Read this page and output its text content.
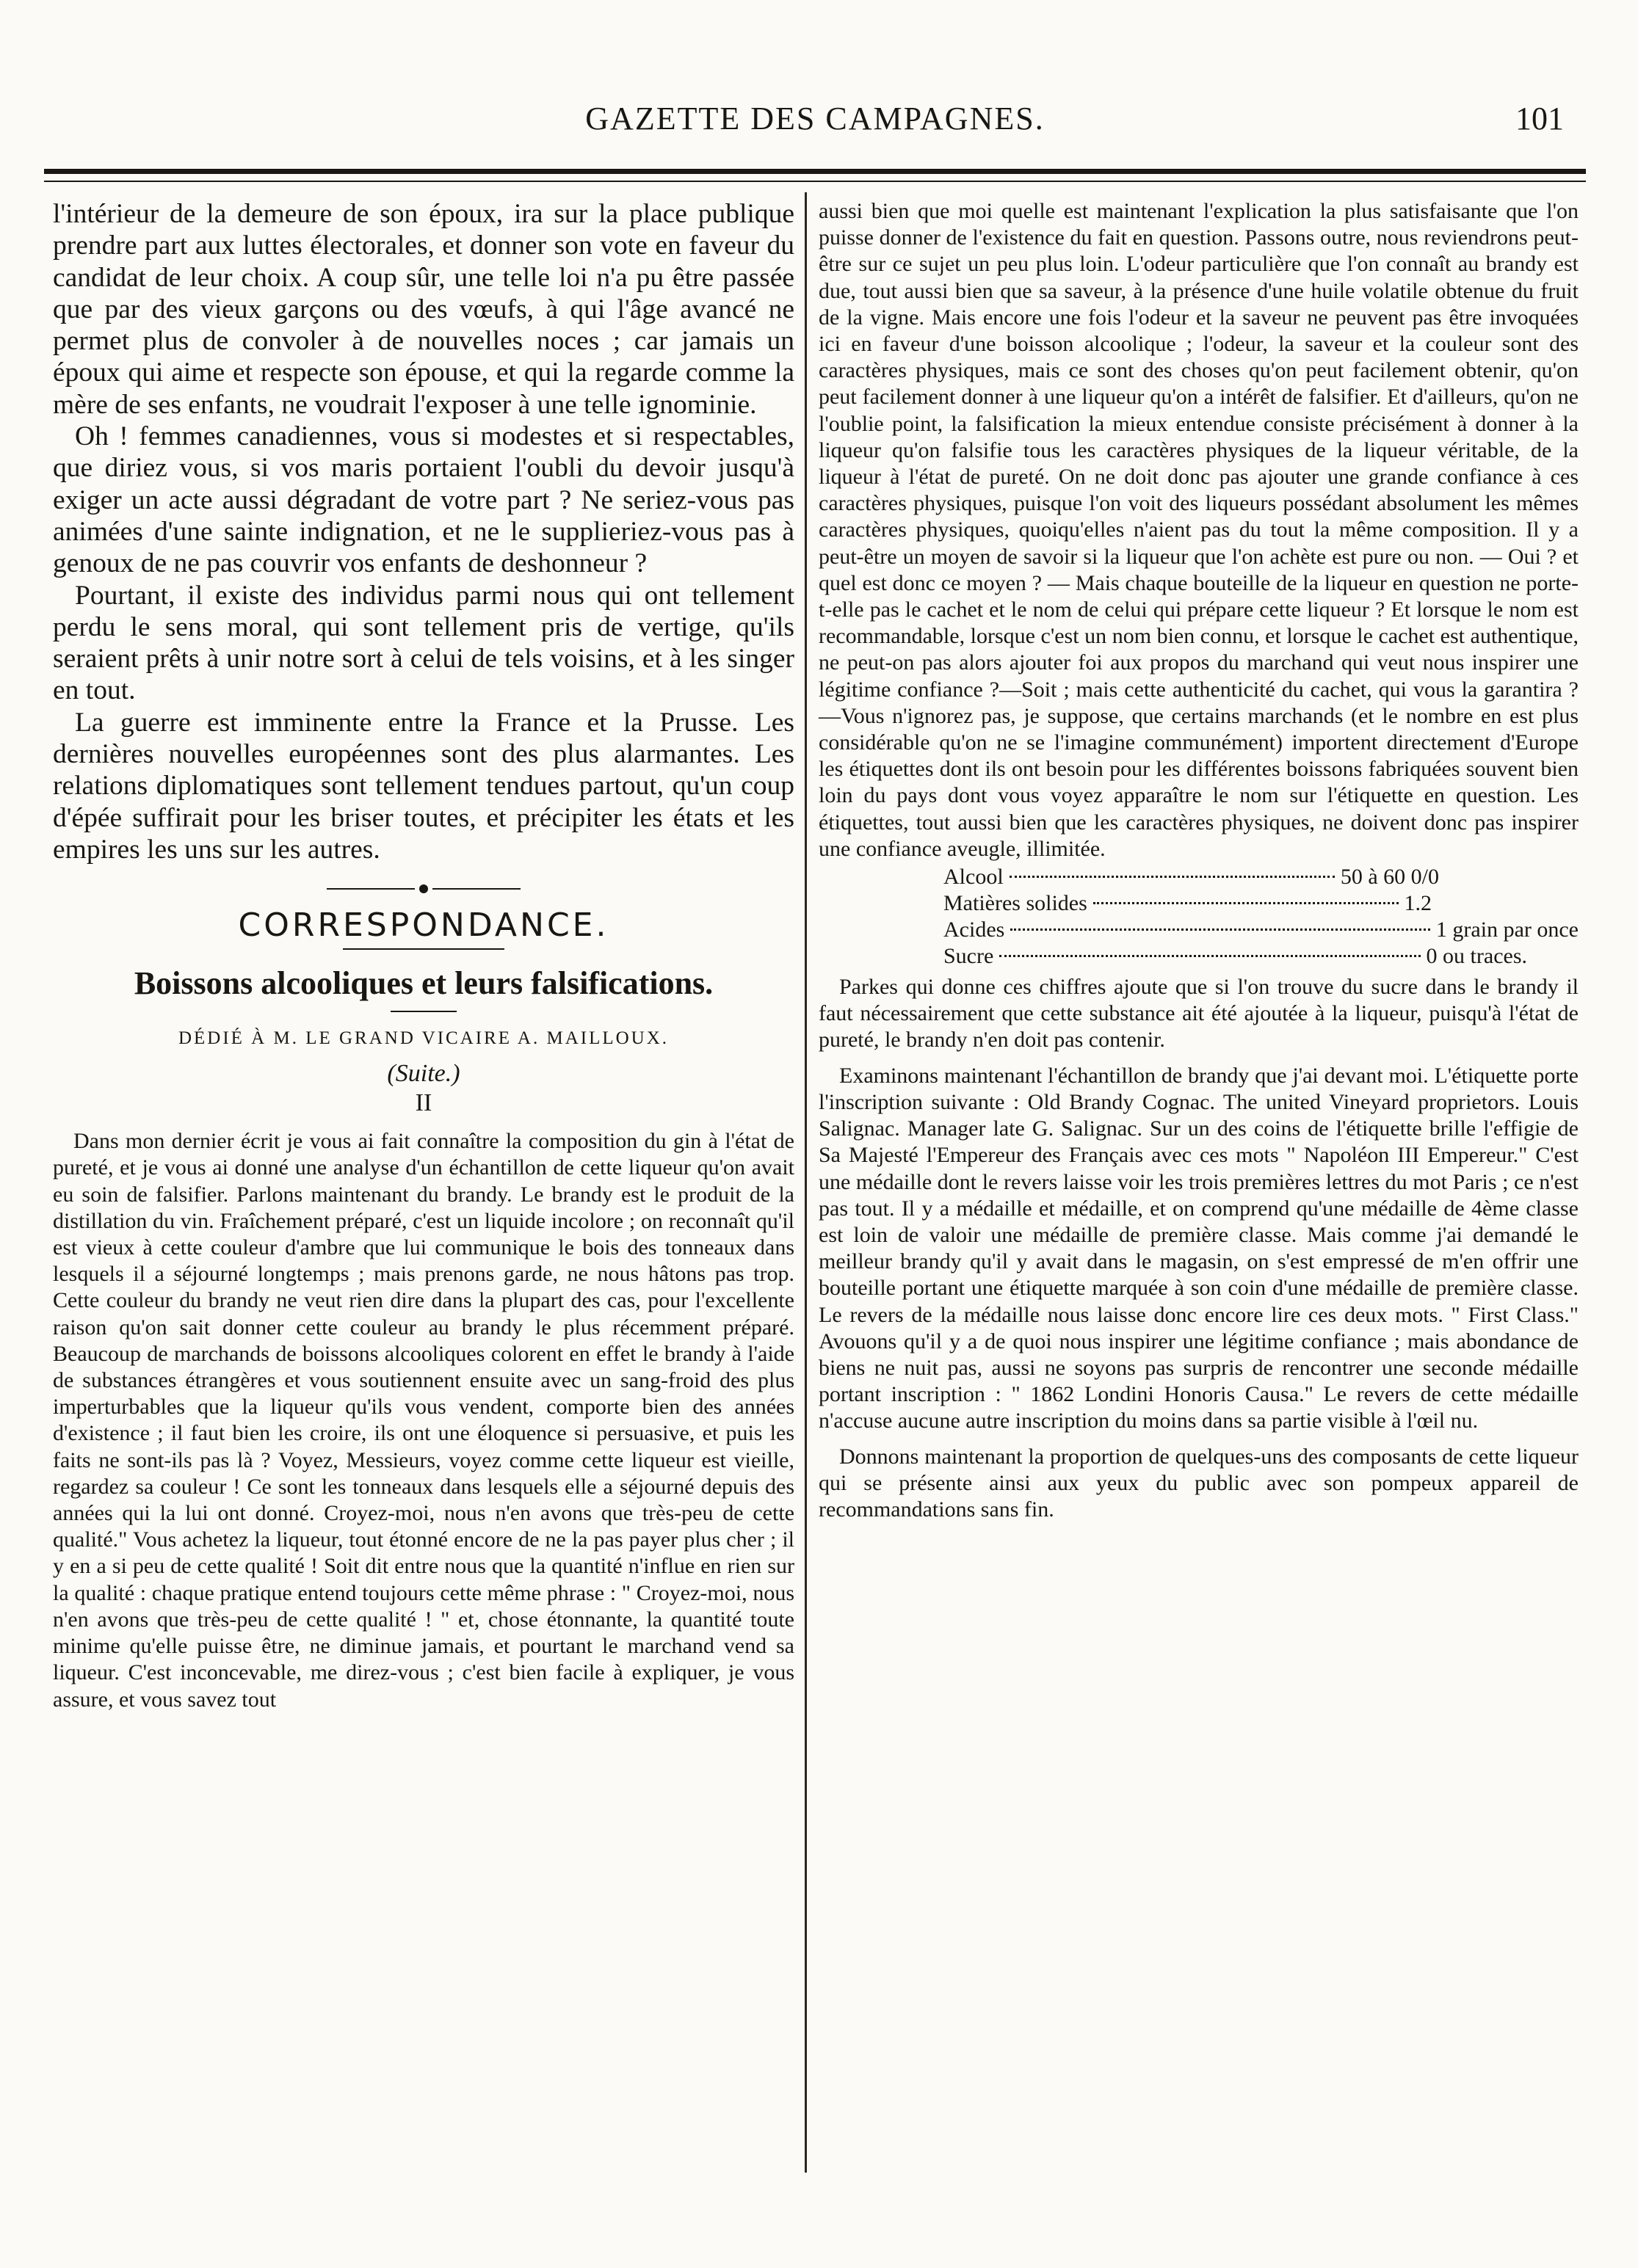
GAZETTE DES CAMPAGNES.	101

l'intérieur de la demeure de son époux, ira sur la place publique prendre part aux luttes électorales, et donner son vote en faveur du candidat de leur choix. A coup sûr, une telle loi n'a pu être passée que par des vieux garçons ou des vœufs, à qui l'âge avancé ne permet plus de convoler à de nouvelles noces ; car jamais un époux qui aime et respecte son épouse, et qui la regarde comme la mère de ses enfants, ne voudrait l'exposer à une telle ignominie.

Oh ! femmes canadiennes, vous si modestes et si respectables, que diriez vous, si vos maris portaient l'oubli du devoir jusqu'à exiger un acte aussi dégradant de votre part ? Ne seriez-vous pas animées d'une sainte indignation, et ne le supplieriez-vous pas à genoux de ne pas couvrir vos enfants de deshonneur ?

Pourtant, il existe des individus parmi nous qui ont tellement perdu le sens moral, qui sont tellement pris de vertige, qu'ils seraient prêts à unir notre sort à celui de tels voisins, et à les singer en tout.

La guerre est imminente entre la France et la Prusse. Les dernières nouvelles européennes sont des plus alarmantes. Les relations diplomatiques sont tellement tendues partout, qu'un coup d'épée suffirait pour les briser toutes, et précipiter les états et les empires les uns sur les autres.

CORRESPONDANCE.
Boissons alcooliques et leurs falsifications.
DÉDIÉ À M. LE GRAND VICAIRE A. MAILLOUX.
(Suite.)
II

Dans mon dernier écrit je vous ai fait connaître la composition du gin à l'état de pureté, et je vous ai donné une analyse d'un échantillon de cette liqueur qu'on avait eu soin de falsifier. Parlons maintenant du brandy. Le brandy est le produit de la distillation du vin. Fraîchement préparé, c'est un liquide incolore ; on reconnaît qu'il est vieux à cette couleur d'ambre que lui communique le bois des tonneaux dans lesquels il a séjourné longtemps ; mais prenons garde, ne nous hâtons pas trop. Cette couleur du brandy ne veut rien dire dans la plupart des cas, pour l'excellente raison qu'on sait donner cette couleur au brandy le plus récemment préparé. Beaucoup de marchands de boissons alcooliques colorent en effet le brandy à l'aide de substances étrangères et vous soutiennent ensuite avec un sang-froid des plus imperturbables que la liqueur qu'ils vous vendent, comporte bien des années d'existence ; il faut bien les croire, ils ont une éloquence si persuasive, et puis les faits ne sont-ils pas là ? Voyez, Messieurs, voyez comme cette liqueur est vieille, regardez sa couleur ! Ce sont les tonneaux dans lesquels elle a séjourné depuis des années qui la lui ont donné. Croyez-moi, nous n'en avons que très-peu de cette qualité." Vous achetez la liqueur, tout étonné encore de ne la pas payer plus cher ; il y en a si peu de cette qualité ! Soit dit entre nous que la quantité n'influe en rien sur la qualité : chaque pratique entend toujours cette même phrase : " Croyez-moi, nous n'en avons que très-peu de cette qualité ! " et, chose étonnante, la quantité toute minime qu'elle puisse être, ne diminue jamais, et pourtant le marchand vend sa liqueur. C'est inconcevable, me direz-vous ; c'est bien facile à expliquer, je vous assure, et vous savez tout

aussi bien que moi quelle est maintenant l'explication la plus satisfaisante que l'on puisse donner de l'existence du fait en question. Passons outre, nous reviendrons peut-être sur ce sujet un peu plus loin. L'odeur particulière que l'on connaît au brandy est due, tout aussi bien que sa saveur, à la présence d'une huile volatile obtenue du fruit de la vigne. Mais encore une fois l'odeur et la saveur ne peuvent pas être invoquées ici en faveur d'une boisson alcoolique ; l'odeur, la saveur et la couleur sont des caractères physiques, mais ce sont des choses qu'on peut facilement obtenir, qu'on peut facilement donner à une liqueur qu'on a intérêt de falsifier. Et d'ailleurs, qu'on ne l'oublie point, la falsification la mieux entendue consiste précisément à donner à la liqueur qu'on falsifie tous les caractères physiques de la liqueur véritable, de la liqueur à l'état de pureté. On ne doit donc pas ajouter une grande confiance à ces caractères physiques, puisque l'on voit des liqueurs possédant absolument les mêmes caractères physiques, quoiqu'elles n'aient pas du tout la même composition. Il y a peut-être un moyen de savoir si la liqueur que l'on achète est pure ou non. — Oui ? et quel est donc ce moyen ? — Mais chaque bouteille de la liqueur en question ne porte-t-elle pas le cachet et le nom de celui qui prépare cette liqueur ? Et lorsque le nom est recommandable, lorsque c'est un nom bien connu, et lorsque le cachet est authentique, ne peut-on pas alors ajouter foi aux propos du marchand qui veut nous inspirer une légitime confiance ?—Soit ; mais cette authenticité du cachet, qui vous la garantira ? —Vous n'ignorez pas, je suppose, que certains marchands (et le nombre en est plus considérable qu'on ne se l'imagine communément) importent directement d'Europe les étiquettes dont ils ont besoin pour les différentes boissons fabriquées souvent bien loin du pays dont vous voyez apparaître le nom sur l'étiquette en question. Les étiquettes, tout aussi bien que les caractères physiques, ne doivent donc pas inspirer une confiance aveugle, illimitée.

Alcool	50 à 60 0/0
Matières solides	1.2
Acides	1 grain par once
Sucre	0 ou traces.

Parkes qui donne ces chiffres ajoute que si l'on trouve du sucre dans le brandy il faut nécessairement que cette substance ait été ajoutée à la liqueur, puisqu'à l'état de pureté, le brandy n'en doit pas contenir.

Examinons maintenant l'échantillon de brandy que j'ai devant moi. L'étiquette porte l'inscription suivante : Old Brandy Cognac. The united Vineyard proprietors. Louis Salignac. Manager late G. Salignac. Sur un des coins de l'étiquette brille l'effigie de Sa Majesté l'Empereur des Français avec ces mots " Napoléon III Empereur." C'est une médaille dont le revers laisse voir les trois premières lettres du mot Paris ; ce n'est pas tout. Il y a médaille et médaille, et on comprend qu'une médaille de 4ème classe est loin de valoir une médaille de première classe. Mais comme j'ai demandé le meilleur brandy qu'il y avait dans le magasin, on s'est empressé de m'en offrir une bouteille portant une étiquette marquée à son coin d'une médaille de première classe. Le revers de la médaille nous laisse donc encore lire ces deux mots. " First Class." Avouons qu'il y a de quoi nous inspirer une légitime confiance ; mais abondance de biens ne nuit pas, aussi ne soyons pas surpris de rencontrer une seconde médaille portant inscription : " 1862 Londini Honoris Causa." Le revers de cette médaille n'accuse aucune autre inscription du moins dans sa partie visible à l'œil nu.

Donnons maintenant la proportion de quelques-uns des composants de cette liqueur qui se présente ainsi aux yeux du public avec son pompeux appareil de recommandations sans fin.
